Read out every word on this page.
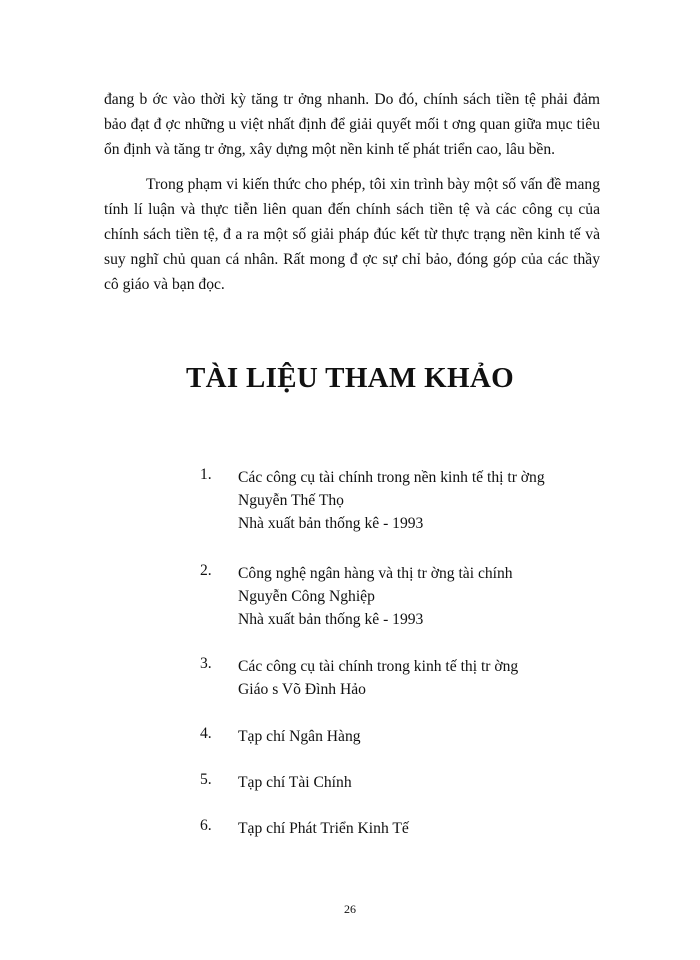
đang b ớc vào thời kỳ tăng tr ởng nhanh. Do đó, chính sách tiền tệ phải đảm bảo đạt đ ợc những u việt nhất định để giải quyết mối t ơng quan giữa mục tiêu ổn định và tăng tr ởng, xây dựng một nền kinh tế phát triển cao, lâu bền.

Trong phạm vi kiến thức cho phép, tôi xin trình bày một số vấn đề mang tính lí luận và thực tiễn liên quan đến chính sách tiền tệ và các công cụ của chính sách tiền tệ, đ a ra một số giải pháp đúc kết từ thực trạng nền kinh tế và suy nghĩ chủ quan cá nhân. Rất mong đ ợc sự chỉ bảo, đóng góp của các thầy cô giáo và bạn đọc.

TÀI LIỆU THAM KHẢO
1.	Các công cụ tài chính trong nền kinh tế thị tr ờng
Nguyễn Thế Thọ
Nhà xuất bản thống kê - 1993
2.	Công nghệ ngân hàng và thị tr ờng tài chính
Nguyễn Công Nghiệp
Nhà xuất bản thống kê - 1993
3.	Các công cụ tài chính trong kinh tế thị tr ờng
Giáo s Võ Đình Hảo
4.	Tạp chí Ngân Hàng
5.	Tạp chí Tài Chính
6.	Tạp chí Phát Triển Kinh Tế
26
